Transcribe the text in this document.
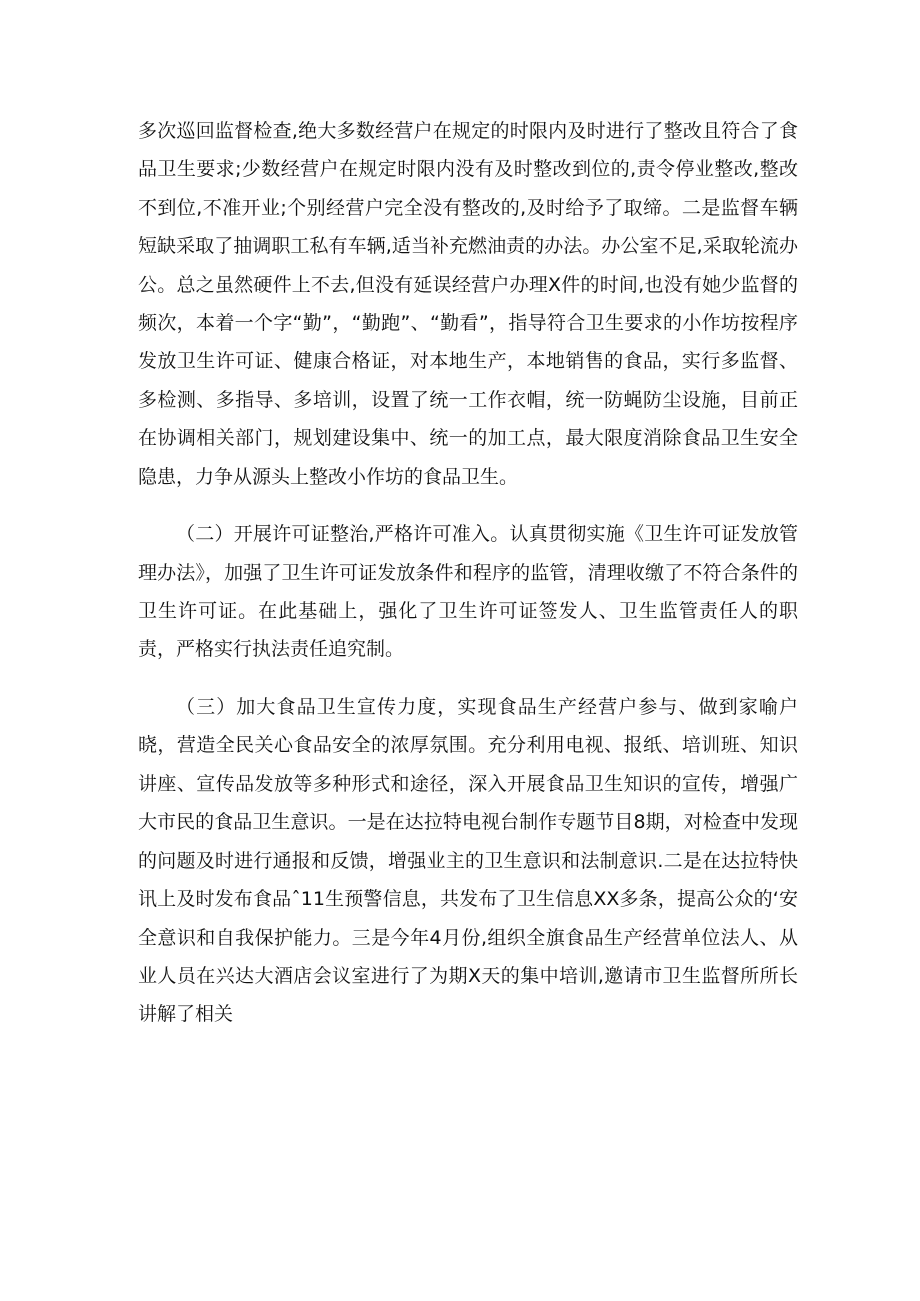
多次巡回监督检查,绝大多数经营户在规定的时限内及时进行了整改且符合了食品卫生要求;少数经营户在规定时限内没有及时整改到位的,责令停业整改,整改不到位,不准开业;个别经营户完全没有整改的,及时给予了取缔。二是监督车辆短缺采取了抽调职工私有车辆,适当补充燃油责的办法。办公室不足,采取轮流办公。总之虽然硬件上不去,但没有延误经营户办理X件的时间,也没有她少监督的频次，本着一个字“勤”，“勤跑”、“勤看”，指导符合卫生要求的小作坊按程序发放卫生许可证、健康合格证，对本地生产，本地销售的食品，实行多监督、多检测、多指导、多培训，设置了统一工作衣帽，统一防蝇防尘设施，目前正在协调相关部门，规划建设集中、统一的加工点，最大限度消除食品卫生安全隐患，力争从源头上整改小作坊的食品卫生。

（二）开展许可证整治,严格许可准入。认真贯彻实施《卫生许可证发放管理办法》，加强了卫生许可证发放条件和程序的监管，清理收缴了不符合条件的卫生许可证。在此基础上，强化了卫生许可证签发人、卫生监管责任人的职责，严格实行执法责任追究制。

（三）加大食品卫生宣传力度，实现食品生产经营户参与、做到家喻户晓，营造全民关心食品安全的浓厚氛围。充分利用电视、报纸、培训班、知识讲座、宣传品发放等多种形式和途径，深入开展食品卫生知识的宣传，增强广大市民的食品卫生意识。一是在达拉特电视台制作专题节目8期，对检查中发现的问题及时进行通报和反馈，增强业主的卫生意识和法制意识.二是在达拉特快讯上及时发布食品ˆ11生预警信息，共发布了卫生信息XX多条，提高公众的‘安全意识和自我保护能力。三是今年4月份,组织全旗食品生产经营单位法人、从业人员在兴达大酒店会议室进行了为期X天的集中培训,邀请市卫生监督所所长讲解了相关
